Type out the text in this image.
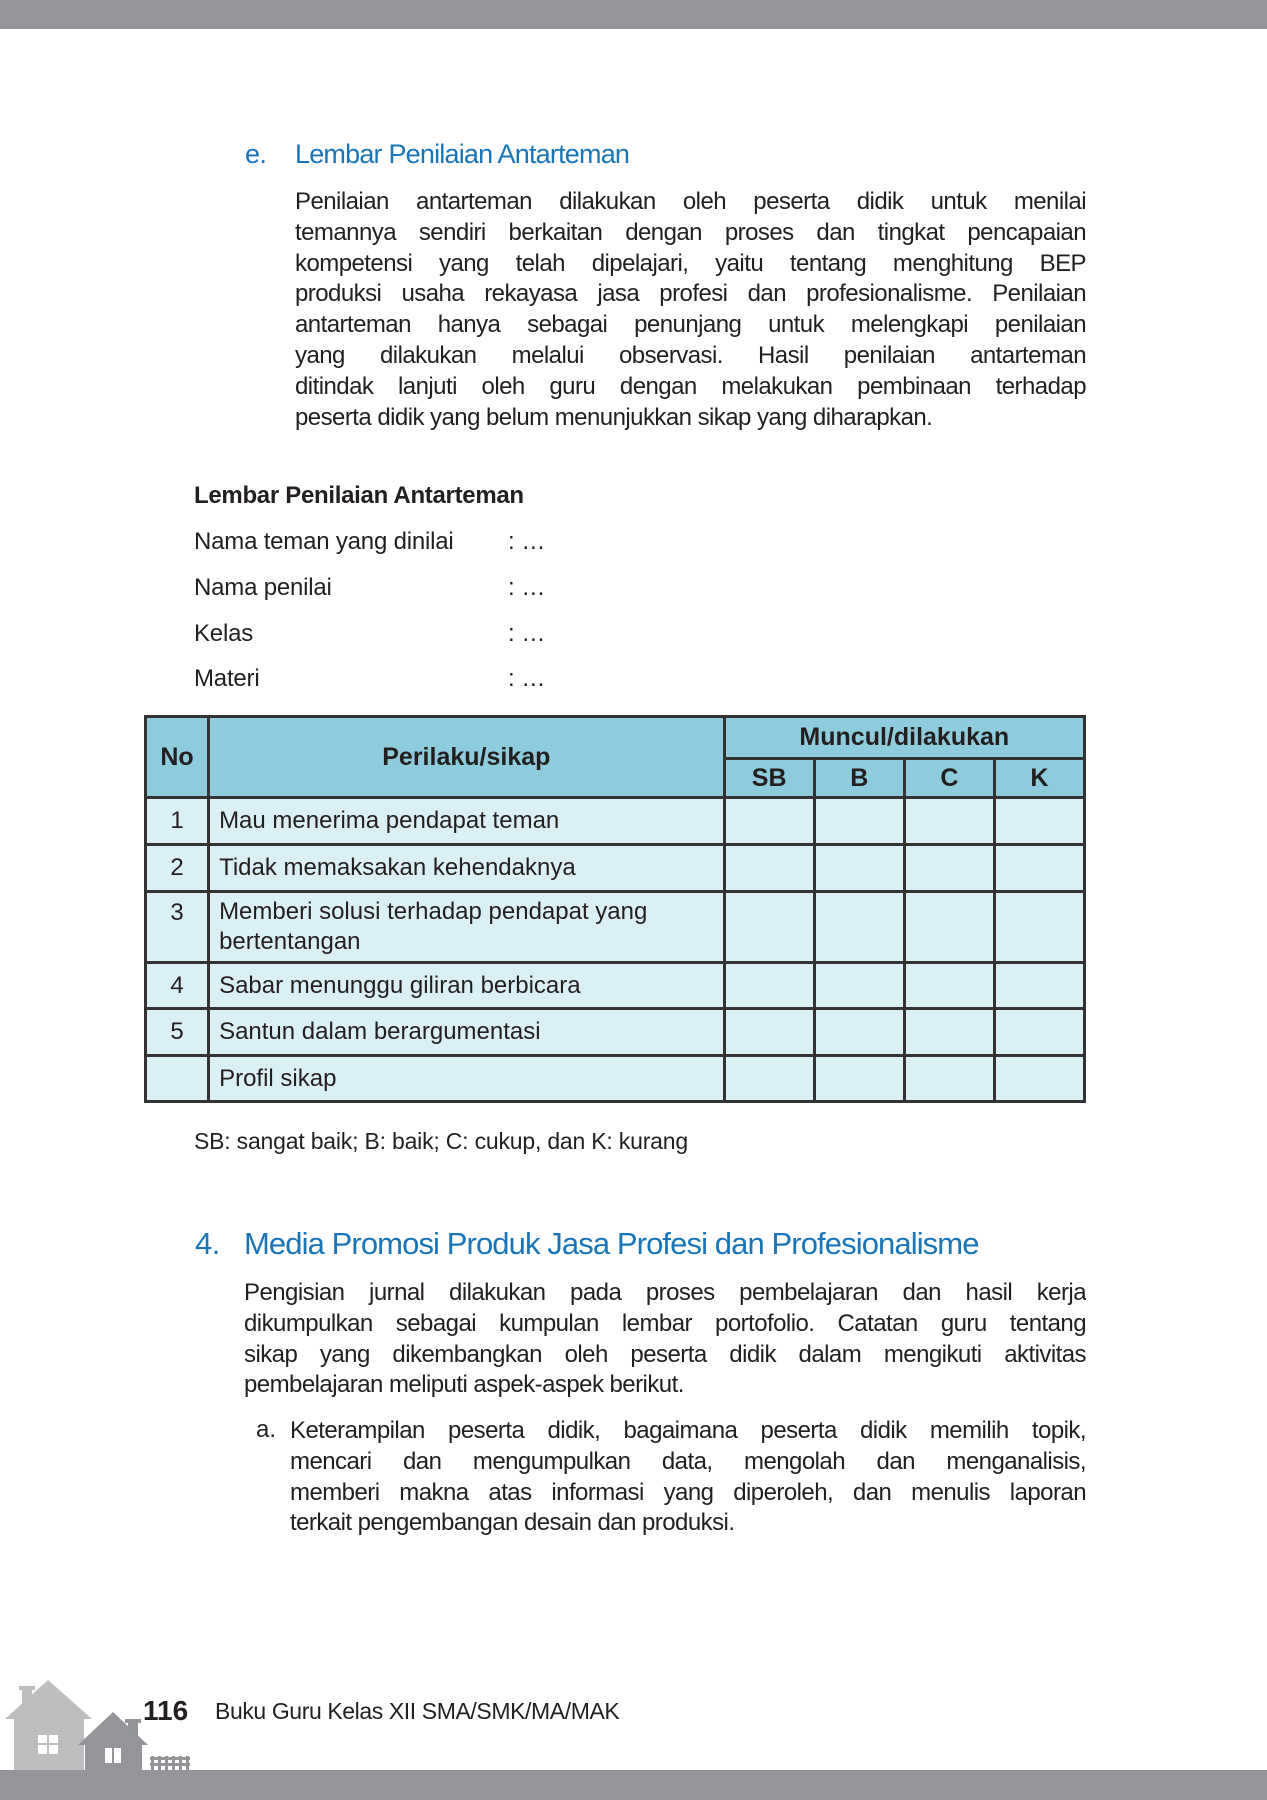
e. Lembar Penilaian Antarteman
Penilaian antarteman dilakukan oleh peserta didik untuk menilai
temannya sendiri berkaitan dengan proses dan tingkat pencapaian
kompetensi yang telah dipelajari, yaitu tentang menghitung BEP
produksi usaha rekayasa jasa profesi dan profesionalisme. Penilaian
antarteman hanya sebagai penunjang untuk melengkapi penilaian
yang dilakukan melalui observasi. Hasil penilaian antarteman
ditindak lanjuti oleh guru dengan melakukan pembinaan terhadap
peserta didik yang belum menunjukkan sikap yang diharapkan.
Lembar Penilaian Antarteman
Nama teman yang dinilai : …
Nama penilai	: …
Kelas	: …
Materi	: …
No	Perilaku/sikap	Muncul/dilakukan			
		SB	B	C	K
1	Mau menerima pendapat teman				
2	Tidak memaksakan kehendaknya				
3	Memberi solusi terhadap pendapat yang bertentangan				
4	Sabar menunggu giliran berbicara				
5	Santun dalam berargumentasi				
	Profil sikap				
SB: sangat baik; B: baik; C: cukup, dan K: kurang
4. Media Promosi Produk Jasa Profesi dan Profesionalisme
Pengisian jurnal dilakukan pada proses pembelajaran dan hasil kerja
dikumpulkan sebagai kumpulan lembar portofolio. Catatan guru tentang
sikap yang dikembangkan oleh peserta didik dalam mengikuti aktivitas
pembelajaran meliputi aspek-aspek berikut.
a. Keterampilan peserta didik, bagaimana peserta didik memilih topik,
mencari dan mengumpulkan data, mengolah dan menganalisis,
memberi makna atas informasi yang diperoleh, dan menulis laporan
terkait pengembangan desain dan produksi.
116 Buku Guru Kelas XII SMA/SMK/MA/MAK
